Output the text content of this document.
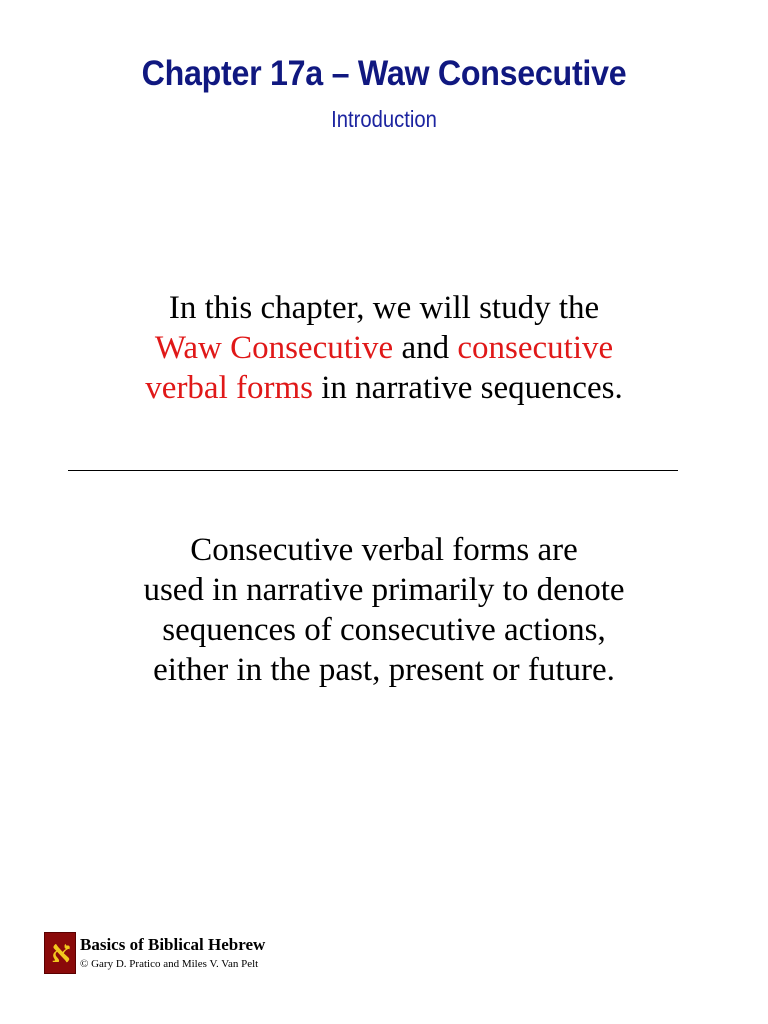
Chapter 17a – Waw Consecutive
Introduction
In this chapter, we will study the
Waw Consecutive and consecutive
verbal forms in narrative sequences.
Consecutive verbal forms are
used in narrative primarily to denote
sequences of consecutive actions,
either in the past, present or future.
א Basics of Biblical Hebrew
© Gary D. Pratico and Miles V. Van Pelt
